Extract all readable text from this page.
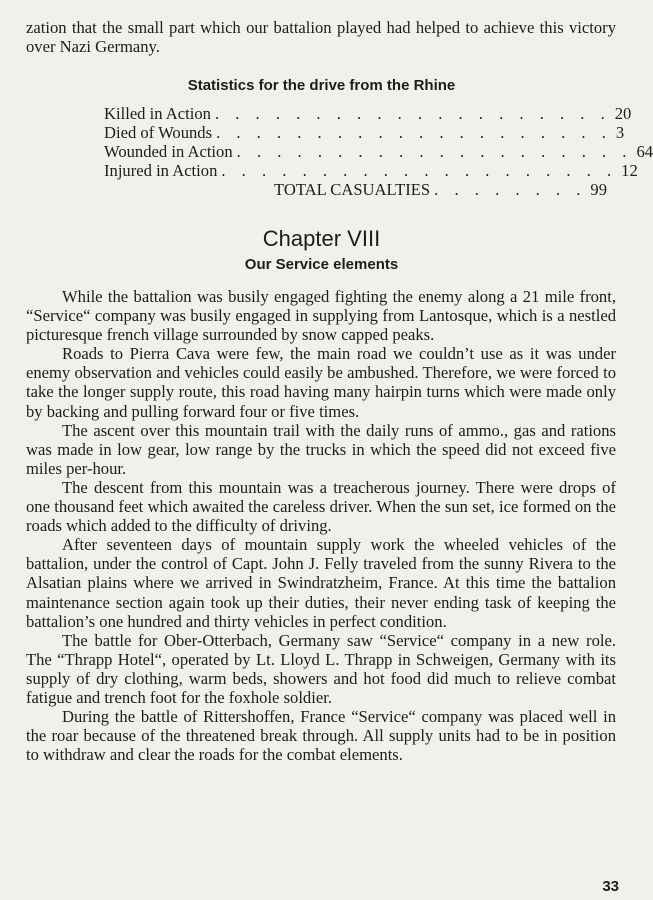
zation that the small part which our battalion played had helped to achieve this victory over Nazi Germany.

Statistics for the drive from the Rhine
Killed in Action . . . . . . . . . . . . . . . . . . . . 20
Died of Wounds . . . . . . . . . . . . . . . . . . . . 3
Wounded in Action . . . . . . . . . . . . . . . . . . . . 64
Injured in Action . . . . . . . . . . . . . . . . . . . . 12
TOTAL CASUALTIES . . . . . . . . 99
Chapter VIII
Our Service elements

While the battalion was busily engaged fighting the enemy along a 21 mile front, “Service“ company was busily engaged in supplying from Lantosque, which is a nestled picturesque french village surrounded by snow capped peaks.

Roads to Pierra Cava were few, the main road we couldn’t use as it was under enemy observation and vehicles could easily be ambushed. Therefore, we were forced to take the longer supply route, this road having many hairpin turns which were made only by backing and pulling forward four or five times.

The ascent over this mountain trail with the daily runs of ammo., gas and rations was made in low gear, low range by the trucks in which the speed did not exceed five miles per-hour.

The descent from this mountain was a treacherous journey. There were drops of one thousand feet which awaited the careless driver. When the sun set, ice formed on the roads which added to the difficulty of driving.

After seventeen days of mountain supply work the wheeled vehicles of the battalion, under the control of Capt. John J. Felly traveled from the sunny Rivera to the Alsatian plains where we arrived in Swindratzheim, France. At this time the battalion maintenance section again took up their duties, their never ending task of keeping the battalion’s one hundred and thirty vehicles in perfect condition.

The battle for Ober-Otterbach, Germany saw “Service“ company in a new role. The “Thrapp Hotel“, operated by Lt. Lloyd L. Thrapp in Schweigen, Germany with its supply of dry clothing, warm beds, showers and hot food did much to relieve combat fatigue and trench foot for the foxhole soldier.

During the battle of Rittershoffen, France “Service“ company was placed well in the roar because of the threatened break through. All supply units had to be in position to withdraw and clear the roads for the combat elements.

33
